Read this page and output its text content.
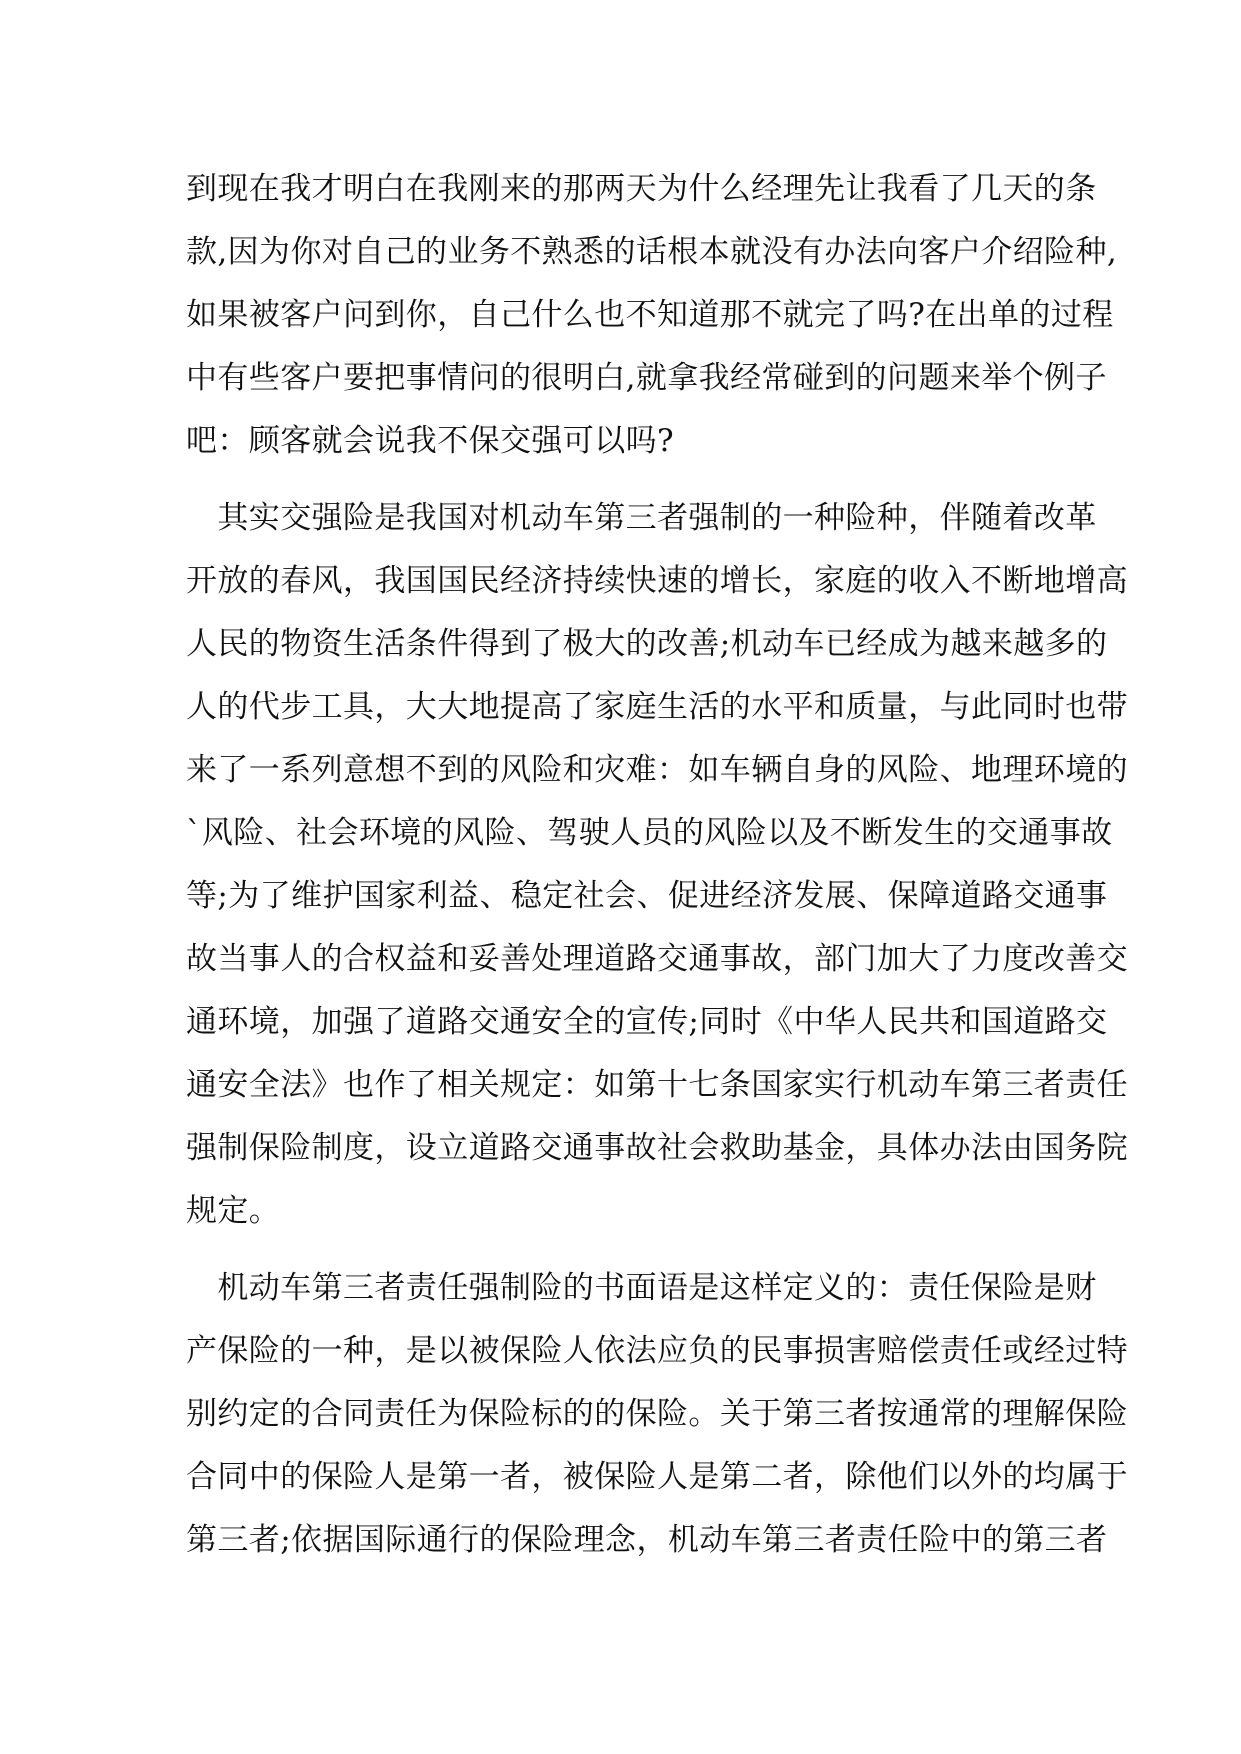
到现在我才明白在我刚来的那两天为什么经理先让我看了几天的条
款,因为你对自己的业务不熟悉的话根本就没有办法向客户介绍险种,
如果被客户问到你，自己什么也不知道那不就完了吗?在出单的过程
中有些客户要把事情问的很明白,就拿我经常碰到的问题来举个例子
吧：顾客就会说我不保交强可以吗?
　其实交强险是我国对机动车第三者强制的一种险种，伴随着改革
开放的春风，我国国民经济持续快速的增长，家庭的收入不断地增高
人民的物资生活条件得到了极大的改善;机动车已经成为越来越多的
人的代步工具，大大地提高了家庭生活的水平和质量，与此同时也带
来了一系列意想不到的风险和灾难：如车辆自身的风险、地理环境的
`风险、社会环境的风险、驾驶人员的风险以及不断发生的交通事故
等;为了维护国家利益、稳定社会、促进经济发展、保障道路交通事
故当事人的合权益和妥善处理道路交通事故，部门加大了力度改善交
通环境，加强了道路交通安全的宣传;同时《中华人民共和国道路交
通安全法》也作了相关规定：如第十七条国家实行机动车第三者责任
强制保险制度，设立道路交通事故社会救助基金，具体办法由国务院
规定。
　机动车第三者责任强制险的书面语是这样定义的：责任保险是财
产保险的一种，是以被保险人依法应负的民事损害赔偿责任或经过特
别约定的合同责任为保险标的的保险。关于第三者按通常的理解保险
合同中的保险人是第一者，被保险人是第二者，除他们以外的均属于
第三者;依据国际通行的保险理念，机动车第三者责任险中的第三者
